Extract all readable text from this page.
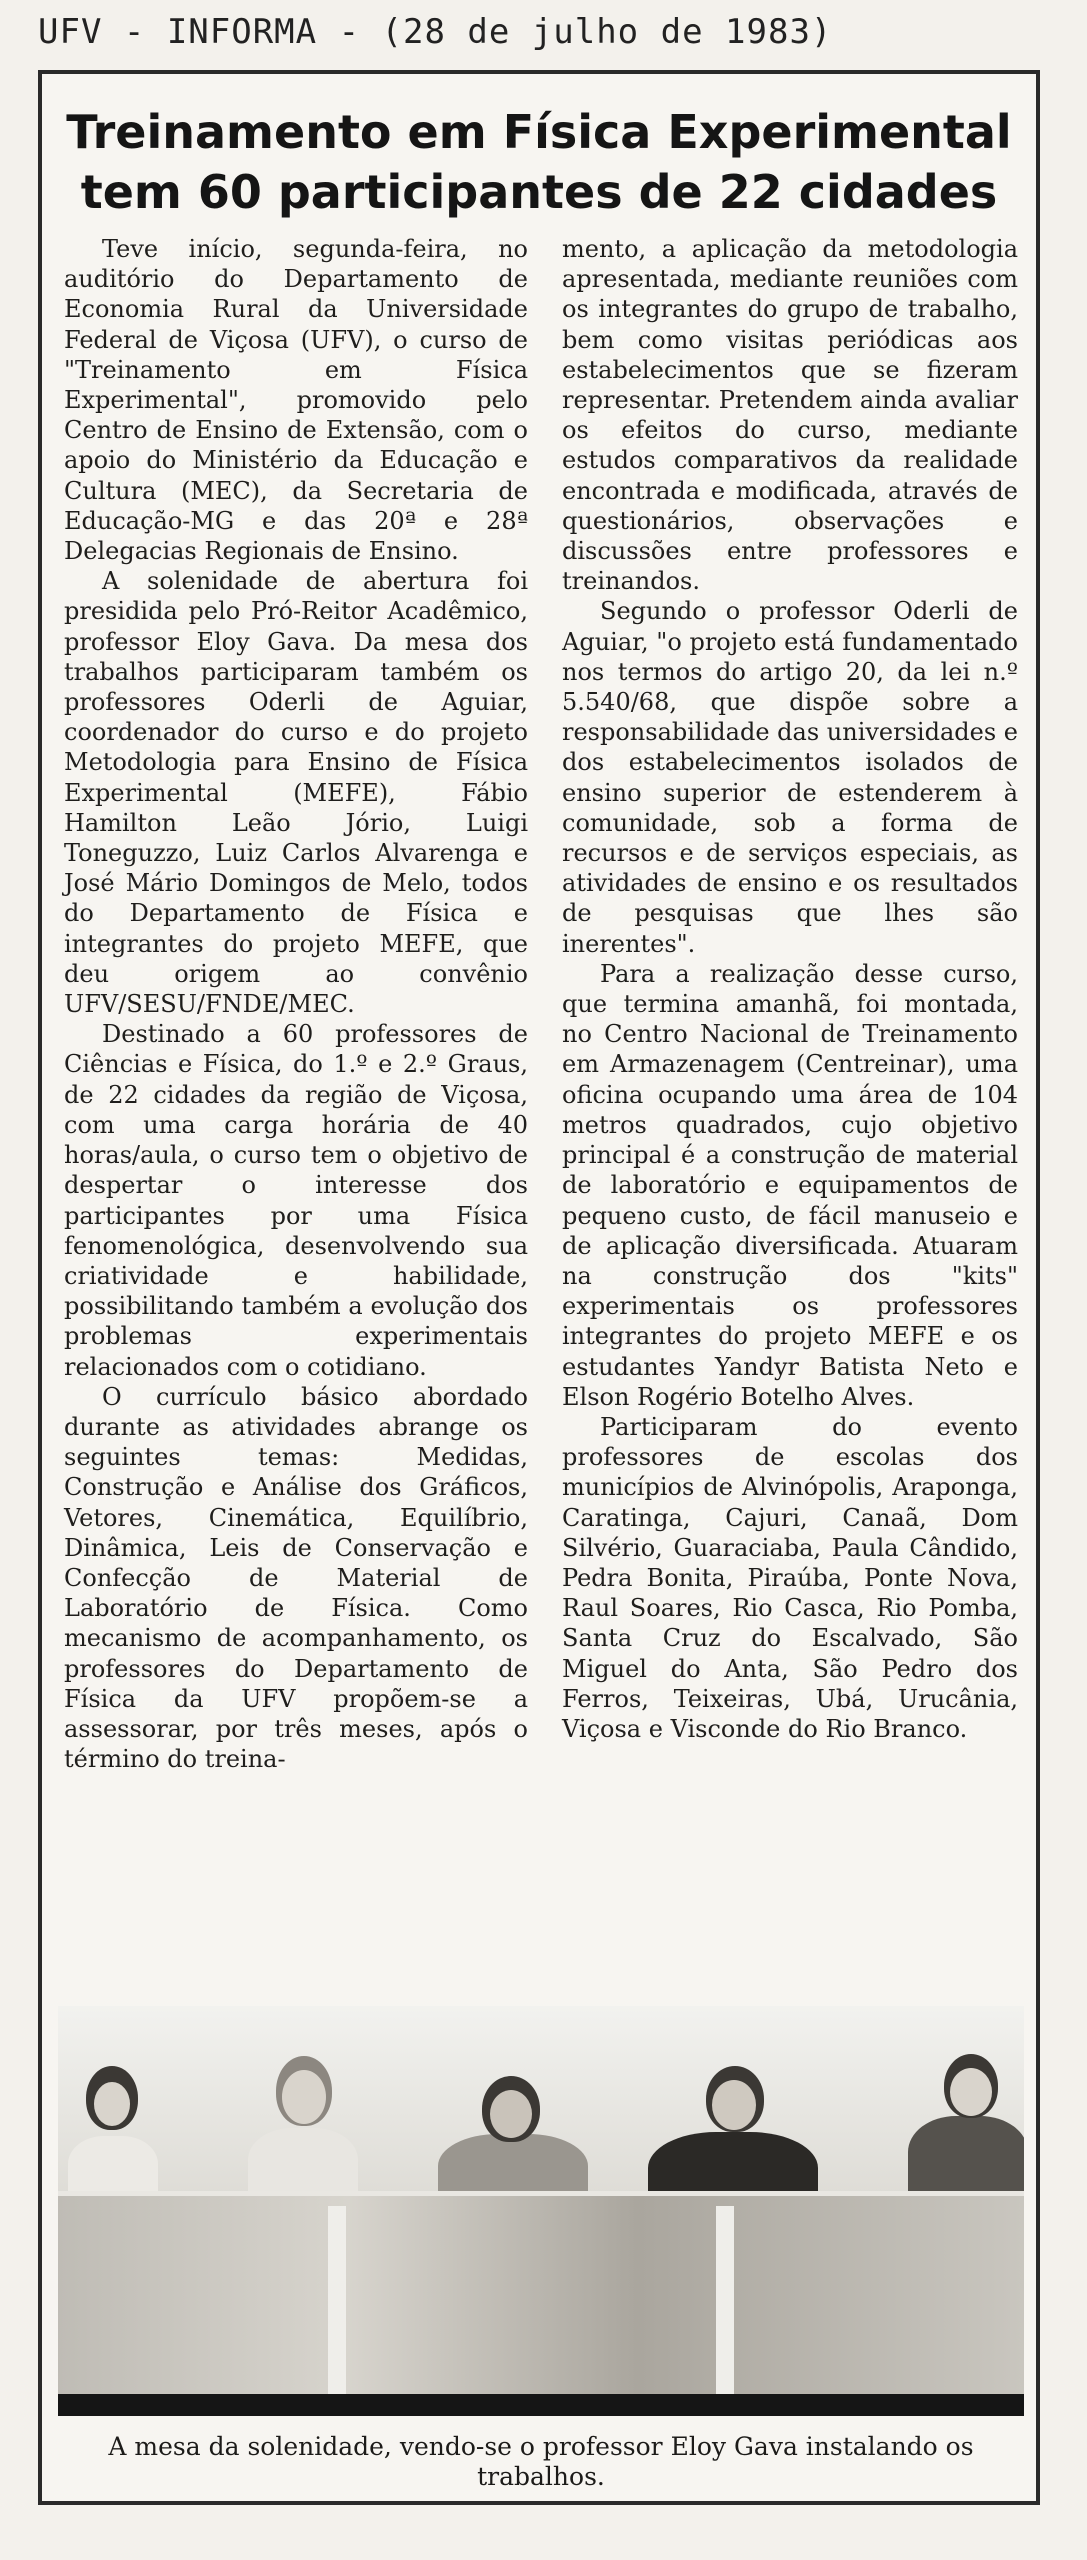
UFV - INFORMA - (28 de julho de 1983)
Treinamento em Física Experimental
tem 60 participantes de 22 cidades

Teve início, segunda-feira, no auditório do Departamento de Economia Rural da Universidade Federal de Viçosa (UFV), o curso de "Treinamento em Física Experimental", promovido pelo Centro de Ensino de Extensão, com o apoio do Ministério da Educação e Cultura (MEC), da Secretaria de Educação-MG e das 20ª e 28ª Delegacias Regionais de Ensino.

A solenidade de abertura foi presidida pelo Pró-Reitor Acadêmico, professor Eloy Gava. Da mesa dos trabalhos participaram também os professores Oderli de Aguiar, coordenador do curso e do projeto Metodologia para Ensino de Física Experimental (MEFE), Fábio Hamilton Leão Jório, Luigi Toneguzzo, Luiz Carlos Alvarenga e José Mário Domingos de Melo, todos do Departamento de Física e integrantes do projeto MEFE, que deu origem ao convênio UFV/SESU/FNDE/MEC.

Destinado a 60 professores de Ciências e Física, do 1.º e 2.º Graus, de 22 cidades da região de Viçosa, com uma carga horária de 40 horas/aula, o curso tem o objetivo de despertar o interesse dos participantes por uma Física fenomenológica, desenvolvendo sua criatividade e habilidade, possibilitando também a evolução dos problemas experimentais relacionados com o cotidiano.

O currículo básico abordado durante as atividades abrange os seguintes temas: Medidas, Construção e Análise dos Gráficos, Vetores, Cinemática, Equilíbrio, Dinâmica, Leis de Conservação e Confecção de Material de Laboratório de Física. Como mecanismo de acompanhamento, os professores do Departamento de Física da UFV propõem-se a assessorar, por três meses, após o término do treina-

mento, a aplicação da metodologia apresentada, mediante reuniões com os integrantes do grupo de trabalho, bem como visitas periódicas aos estabelecimentos que se fizeram representar. Pretendem ainda avaliar os efeitos do curso, mediante estudos comparativos da realidade encontrada e modificada, através de questionários, observações e discussões entre professores e treinandos.

Segundo o professor Oderli de Aguiar, "o projeto está fundamentado nos termos do artigo 20, da lei n.º 5.540/68, que dispõe sobre a responsabilidade das universidades e dos estabelecimentos isolados de ensino superior de estenderem à comunidade, sob a forma de recursos e de serviços especiais, as atividades de ensino e os resultados de pesquisas que lhes são inerentes".

Para a realização desse curso, que termina amanhã, foi montada, no Centro Nacional de Treinamento em Armazenagem (Centreinar), uma oficina ocupando uma área de 104 metros quadrados, cujo objetivo principal é a construção de material de laboratório e equipamentos de pequeno custo, de fácil manuseio e de aplicação diversificada. Atuaram na construção dos "kits" experimentais os professores integrantes do projeto MEFE e os estudantes Yandyr Batista Neto e Elson Rogério Botelho Alves.

Participaram do evento professores de escolas dos municípios de Alvinópolis, Araponga, Caratinga, Cajuri, Canaã, Dom Silvério, Guaraciaba, Paula Cândido, Pedra Bonita, Piraúba, Ponte Nova, Raul Soares, Rio Casca, Rio Pomba, Santa Cruz do Escalvado, São Miguel do Anta, São Pedro dos Ferros, Teixeiras, Ubá, Urucânia, Viçosa e Visconde do Rio Branco.

A mesa da solenidade, vendo-se o professor Eloy Gava instalando os trabalhos.
